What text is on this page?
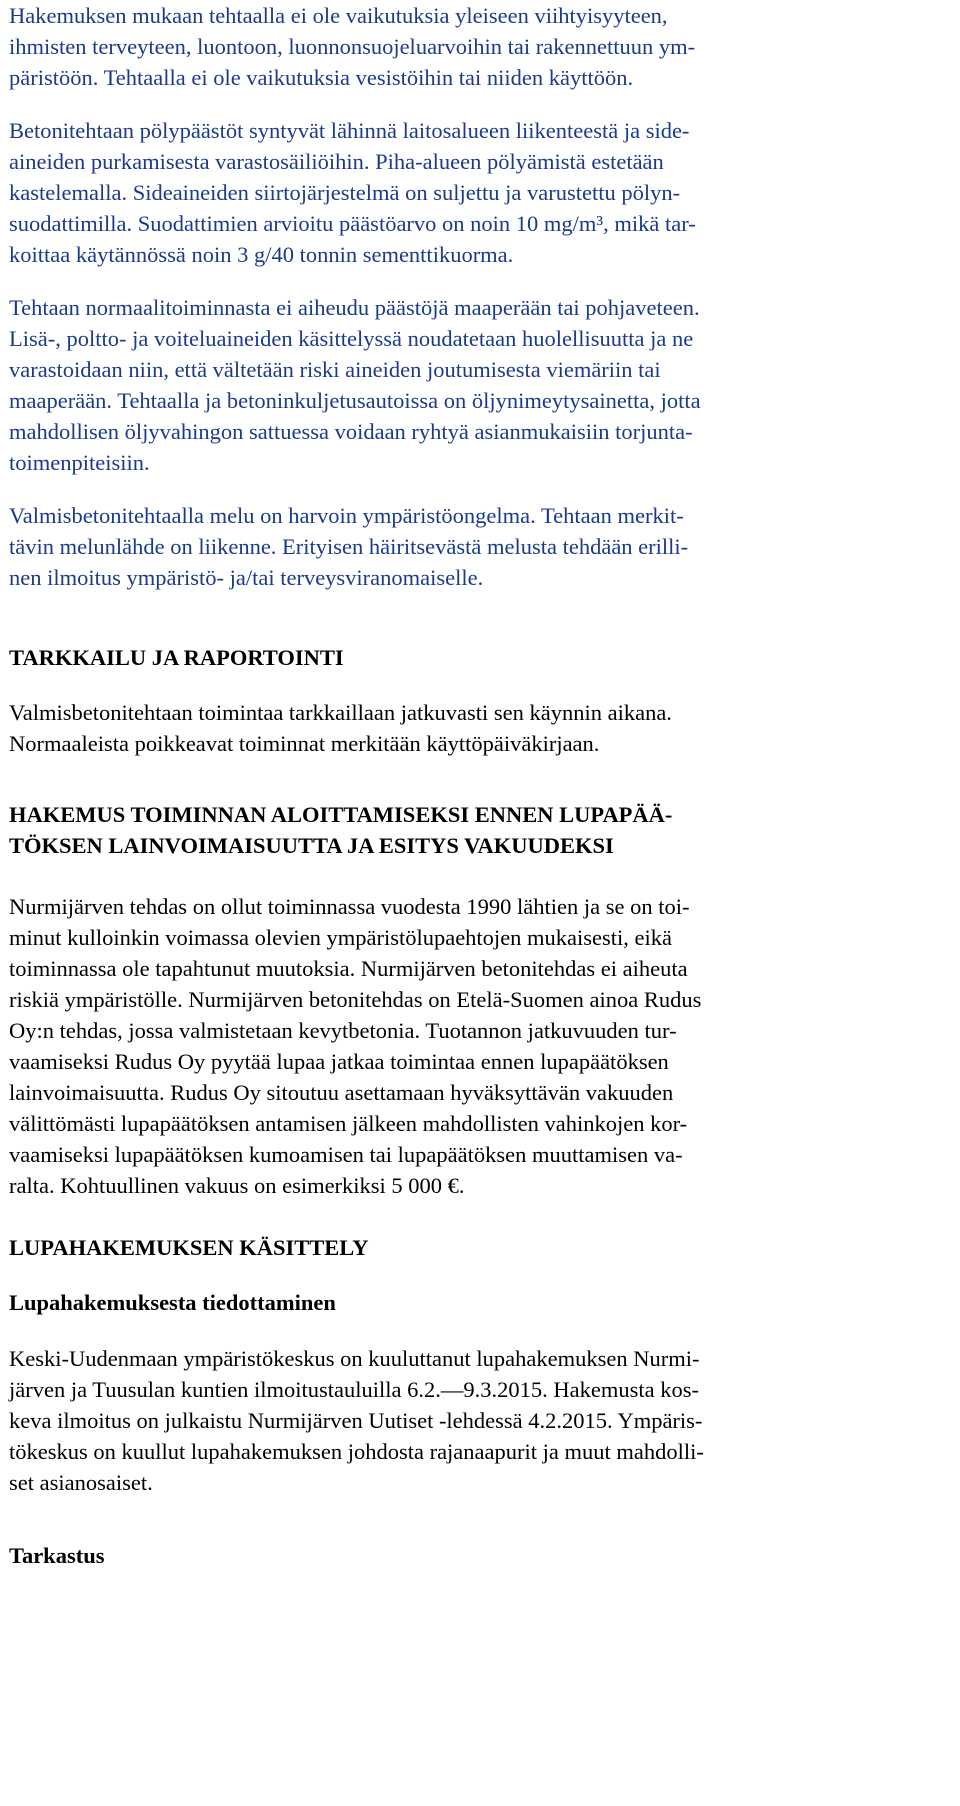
Hakemuksen mukaan tehtaalla ei ole vaikutuksia yleiseen viihtyisyyteen,
ihmisten terveyteen, luontoon, luonnonsuojeluarvoihin tai rakennettuun ym-
päristöön. Tehtaalla ei ole vaikutuksia vesistöihin tai niiden käyttöön.
Betonitehtaan pölypäästöt syntyvät lähinnä laitosalueen liikenteestä ja side-
aineiden purkamisesta varastosäiliöihin. Piha-alueen pölyämistä estetään
kastelemalla. Sideaineiden siirtojärjestelmä on suljettu ja varustettu pölyn-
suodattimilla. Suodattimien arvioitu päästöarvo on noin 10 mg/m³, mikä tar-
koittaa käytännössä noin 3 g/40 tonnin sementtikuorma.
Tehtaan normaalitoiminnasta ei aiheudu päästöjä maaperään tai pohjaveteen.
Lisä-, poltto- ja voiteluaineiden käsittelyssä noudatetaan huolellisuutta ja ne
varastoidaan niin, että vältetään riski aineiden joutumisesta viemäriin tai
maaperään. Tehtaalla ja betoninkuljetusautoissa on öljynimeytysainetta, jotta
mahdollisen öljyvahingon sattuessa voidaan ryhtyä asianmukaisiin torjunta-
toimenpiteisiin.
Valmisbetonitehtaalla melu on harvoin ympäristöongelma. Tehtaan merkit-
tävin melunlähde on liikenne. Erityisen häiritsevästä melusta tehdään erilli-
nen ilmoitus ympäristö- ja/tai terveysviranomaiselle.
TARKKAILU JA RAPORTOINTI
Valmisbetonitehtaan toimintaa tarkkaillaan jatkuvasti sen käynnin aikana.
Normaaleista poikkeavat toiminnat merkitään käyttöpäiväkirjaan.
HAKEMUS TOIMINNAN ALOITTAMISEKSI ENNEN LUPAPÄÄ-
TÖKSEN LAINVOIMAISUUTTA JA ESITYS VAKUUDEKSI
Nurmijärven tehdas on ollut toiminnassa vuodesta 1990 lähtien ja se on toi-
minut kulloinkin voimassa olevien ympäristölupaehtojen mukaisesti, eikä
toiminnassa ole tapahtunut muutoksia. Nurmijärven betonitehdas ei aiheuta
riskiä ympäristölle. Nurmijärven betonitehdas on Etelä-Suomen ainoa Rudus
Oy:n tehdas, jossa valmistetaan kevytbetonia. Tuotannon jatkuvuuden tur-
vaamiseksi Rudus Oy pyytää lupaa jatkaa toimintaa ennen lupapäätöksen
lainvoimaisuutta. Rudus Oy sitoutuu asettamaan hyväksyttävän vakuuden
välittömästi lupapäätöksen antamisen jälkeen mahdollisten vahinkojen kor-
vaamiseksi lupapäätöksen kumoamisen tai lupapäätöksen muuttamisen va-
ralta. Kohtuullinen vakuus on esimerkiksi 5 000 €.
LUPAHAKEMUKSEN KÄSITTELY
Lupahakemuksesta tiedottaminen
Keski-Uudenmaan ympäristökeskus on kuuluttanut lupahakemuksen Nurmi-
järven ja Tuusulan kuntien ilmoitustauluilla 6.2.—9.3.2015. Hakemusta kos-
keva ilmoitus on julkaistu Nurmijärven Uutiset -lehdessä 4.2.2015. Ympäris-
tökeskus on kuullut lupahakemuksen johdosta rajanaapurit ja muut mahdolli-
set asianosaiset.
Tarkastus
